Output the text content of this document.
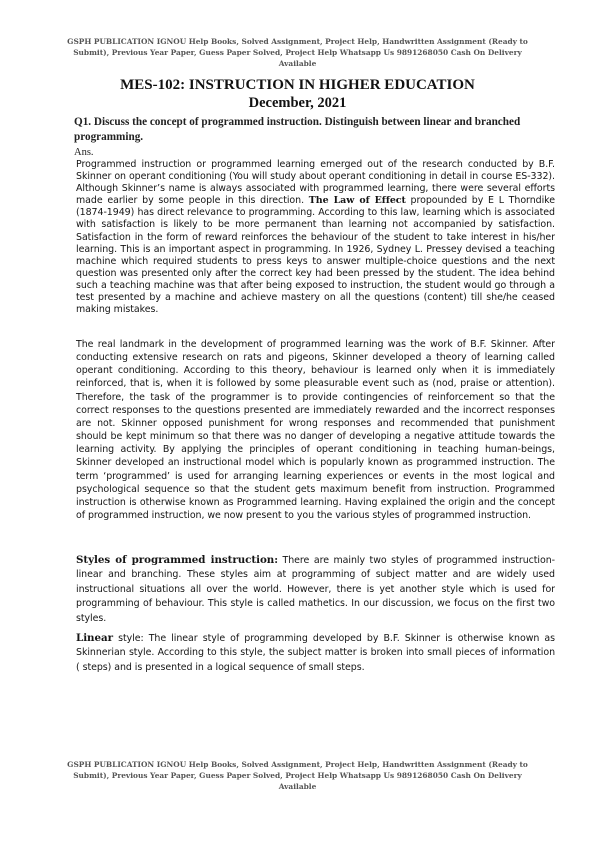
GSPH PUBLICATION IGNOU Help Books, Solved Assignment, Project Help, Handwritten Assignment (Ready to Submit), Previous Year Paper, Guess Paper Solved, Project Help Whatsapp Us 9891268050 Cash On Delivery Available
MES-102: INSTRUCTION IN HIGHER EDUCATION
December, 2021
Q1. Discuss the concept of programmed instruction. Distinguish between linear and branched programming.
Ans.
Programmed instruction or programmed learning emerged out of the research conducted by B.F. Skinner on operant conditioning (You will study about operant conditioning in detail in course ES-332). Although Skinner’s name is always associated with programmed learning, there were several efforts made earlier by some people in this direction. The Law of Effect propounded by E L Thorndike (1874-1949) has direct relevance to programming. According to this law, learning which is associated with satisfaction is likely to be more permanent than learning not accompanied by satisfaction. Satisfaction in the form of reward reinforces the behaviour of the student to take interest in his/her learning. This is an important aspect in programming. In 1926, Sydney L. Pressey devised a teaching machine which required students to press keys to answer multiple-choice questions and the next question was presented only after the correct key had been pressed by the student. The idea behind such a teaching machine was that after being exposed to instruction, the student would go through a test presented by a machine and achieve mastery on all the questions (content) till she/he ceased making mistakes.
The real landmark in the development of programmed learning was the work of B.F. Skinner. After conducting extensive research on rats and pigeons, Skinner developed a theory of learning called operant conditioning. According to this theory, behaviour is learned only when it is immediately reinforced, that is, when it is followed by some pleasurable event such as (nod, praise or attention). Therefore, the task of the programmer is to provide contingencies of reinforcement so that the correct responses to the questions presented are immediately rewarded and the incorrect responses are not. Skinner opposed punishment for wrong responses and recommended that punishment should be kept minimum so that there was no danger of developing a negative attitude towards the learning activity. By applying the principles of operant conditioning in teaching human-beings, Skinner developed an instructional model which is popularly known as programmed instruction. The term ‘programmed’ is used for arranging learning experiences or events in the most logical and psychological sequence so that the student gets maximum benefit from instruction. Programmed instruction is otherwise known as Programmed learning. Having explained the origin and the concept of programmed instruction, we now present to you the various styles of programmed instruction.
Styles of programmed instruction: There are mainly two styles of programmed instruction-linear and branching. These styles aim at programming of subject matter and are widely used instructional situations all over the world. However, there is yet another style which is used for programming of behaviour. This style is called mathetics. In our discussion, we focus on the first two styles.
Linear style: The linear style of programming developed by B.F. Skinner is otherwise known as Skinnerian style. According to this style, the subject matter is broken into small pieces of information ( steps) and is presented in a logical sequence of small steps.
GSPH PUBLICATION IGNOU Help Books, Solved Assignment, Project Help, Handwritten Assignment (Ready to Submit), Previous Year Paper, Guess Paper Solved, Project Help Whatsapp Us 9891268050 Cash On Delivery Available
